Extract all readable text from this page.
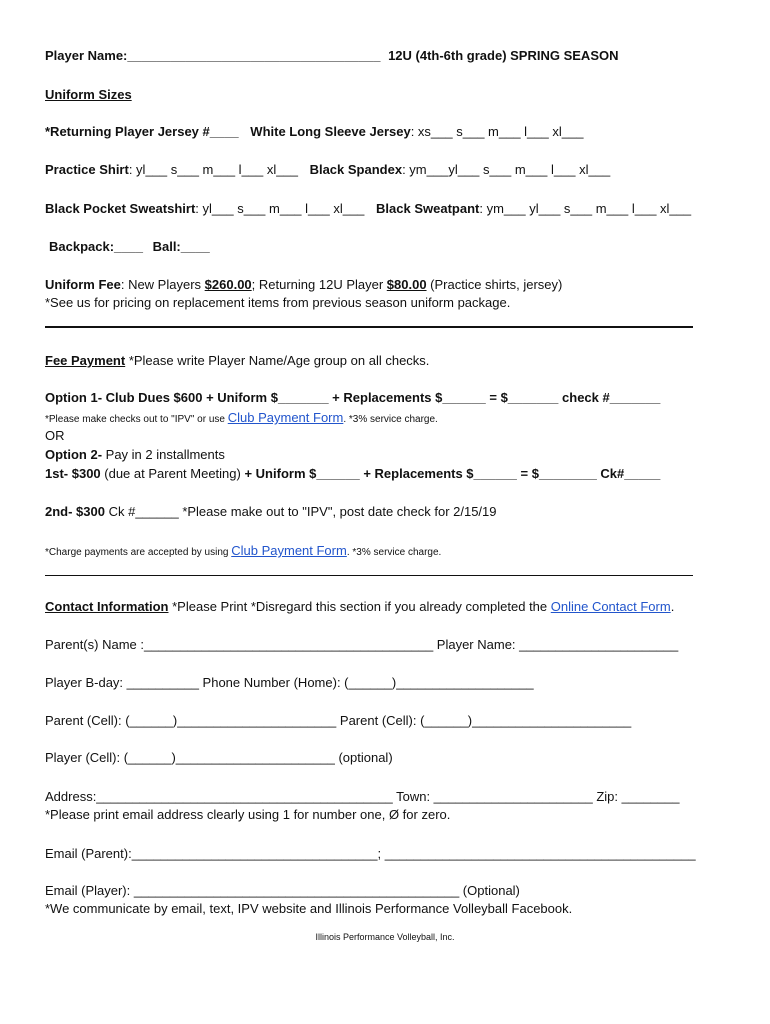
Player Name:___________________________________ 12U (4th-6th grade) SPRING SEASON
Uniform Sizes
*Returning Player Jersey #____ White Long Sleeve Jersey: xs___ s___ m___ l___ xl___
Practice Shirt: yl___ s___ m___ l___ xl___ Black Spandex: ym___yl___ s___ m___ l___ xl___
Black Pocket Sweatshirt: yl___ s___ m___ l___ xl___ Black Sweatpant: ym___ yl___ s___ m___ l___ xl___
Backpack:____ Ball:____
Uniform Fee: New Players $260.00; Returning 12U Player $80.00 (Practice shirts, jersey)
*See us for pricing on replacement items from previous season uniform package.
Fee Payment *Please write Player Name/Age group on all checks.
Option 1- Club Dues $600 + Uniform $_______ + Replacements $______ = $_______ check #_______
*Please make checks out to "IPV" or use Club Payment Form. *3% service charge.
OR
Option 2- Pay in 2 installments
1st- $300 (due at Parent Meeting) + Uniform $______ + Replacements $______ = $________ Ck#_____
2nd- $300 Ck #______ *Please make out to "IPV", post date check for 2/15/19
*Charge payments are accepted by using Club Payment Form. *3% service charge.
Contact Information *Please Print *Disregard this section if you already completed the Online Contact Form.
Parent(s) Name :________________________________________ Player Name: ______________________
Player B-day: __________ Phone Number (Home): (______)___________________
Parent (Cell): (______)______________________ Parent (Cell): (______)______________________
Player (Cell): (______)______________________ (optional)
Address:_________________________________________ Town: ______________________ Zip: ________
*Please print email address clearly using 1 for number one, Ø for zero.
Email (Parent):__________________________________; ___________________________________________
Email (Player): _____________________________________________ (Optional)
*We communicate by email, text, IPV website and Illinois Performance Volleyball Facebook.
Illinois Performance Volleyball, Inc.
